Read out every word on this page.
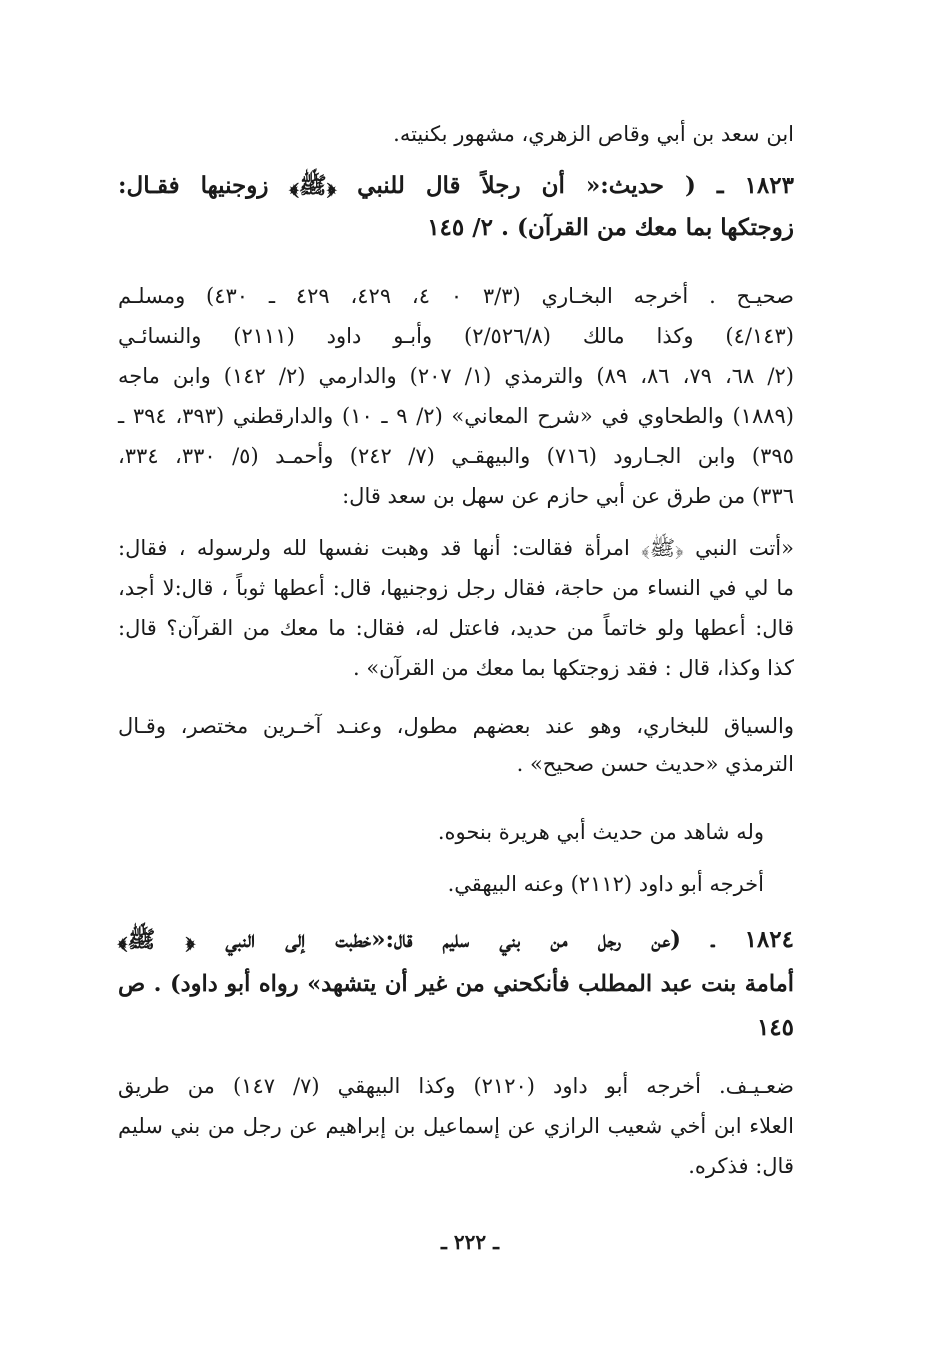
ابن سعد بن أبي وقاص الزهري، مشهور بكنيته.
١٨٢٣ ـ ( حديث:« أن رجلاً قال للنبي ﴿ﷺ﴾ زوجنيها فقـال:
زوجتكها بما معك من القرآن) . ٢/ ١٤٥
صحيـح . أخرجه البخـاري (٣/٣ ٠ ٤، ٤٢٩، ٤٢٩ ـ ٤٣٠) ومسلـم
(٤/١٤٣) وكذا مالك (٢/٥٢٦/٨) وأبـو داود (٢١١١) والنسائـي
(٢/ ٦٨، ٧٩، ٨٦، ٨٩) والترمذي (١/ ٢٠٧) والدارمي (٢/ ١٤٢) وابن ماجه
(١٨٨٩) والطحاوي في «شرح المعاني» (٢/ ٩ ـ ١٠) والدارقطني (٣٩٣، ٣٩٤ ـ
٣٩٥) وابن الجـارود (٧١٦) والبيهقـي (٧/ ٢٤٢) وأحمـد (٥/ ٣٣٠، ٣٣٤،
٣٣٦) من طرق عن أبي حازم عن سهل بن سعد قال:
«أتت النبي ﴿ﷺ﴾ امرأة فقالت: أنها قد وهبت نفسها لله ولرسوله ، فقال:
ما لي في النساء من حاجة، فقال رجل زوجنيها، قال: أعطها ثوباً ، قال:لا أجد،
قال: أعطها ولو خاتماً من حديد، فاعتل له، فقال: ما معك من القرآن؟ قال:
كذا وكذا، قال : فقد زوجتكها بما معك من القرآن» .
والسياق للبخاري، وهو عند بعضهم مطول، وعنـد آخـرين مختصر، وقـال
الترمذي «حديث حسن صحيح» .
وله شاهد من حديث أبي هريرة بنحوه.
أخرجه أبو داود (٢١١٢) وعنه البيهقي.
١٨٢٤ ـ (عن رجل من بني سليم قال:«خطبت إلى النبي ﴿ ﷺ﴾
أمامة بنت عبد المطلب فأنكحني من غير أن يتشهد» رواه أبو داود) . ص
١٤٥
ضعـيـف. أخرجه أبو داود (٢١٢٠) وكذا البيهقي (٧/ ١٤٧) من طريق
العلاء ابن أخي شعيب الرازي عن إسماعيل بن إبراهيم عن رجل من بني سليم
قال: فذكره.
ـ ٢٢٢ ـ
